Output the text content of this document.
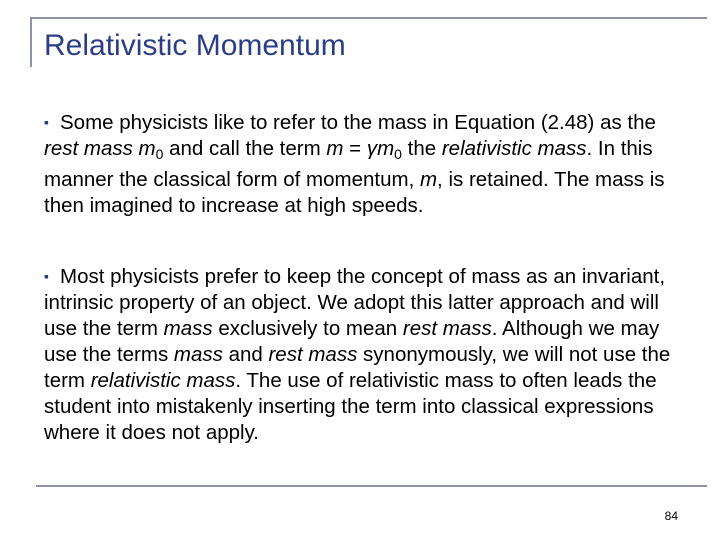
Relativistic Momentum
▪ Some physicists like to refer to the mass in Equation (2.48) as the rest mass $m_0$ and call the term $m = \gamma m_0$ the relativistic mass. In this manner the classical form of momentum, m, is retained. The mass is then imagined to increase at high speeds.
▪ Most physicists prefer to keep the concept of mass as an invariant, intrinsic property of an object. We adopt this latter approach and will use the term mass exclusively to mean rest mass. Although we may use the terms mass and rest mass synonymously, we will not use the term relativistic mass. The use of relativistic mass to often leads the student into mistakenly inserting the term into classical expressions where it does not apply.
84
